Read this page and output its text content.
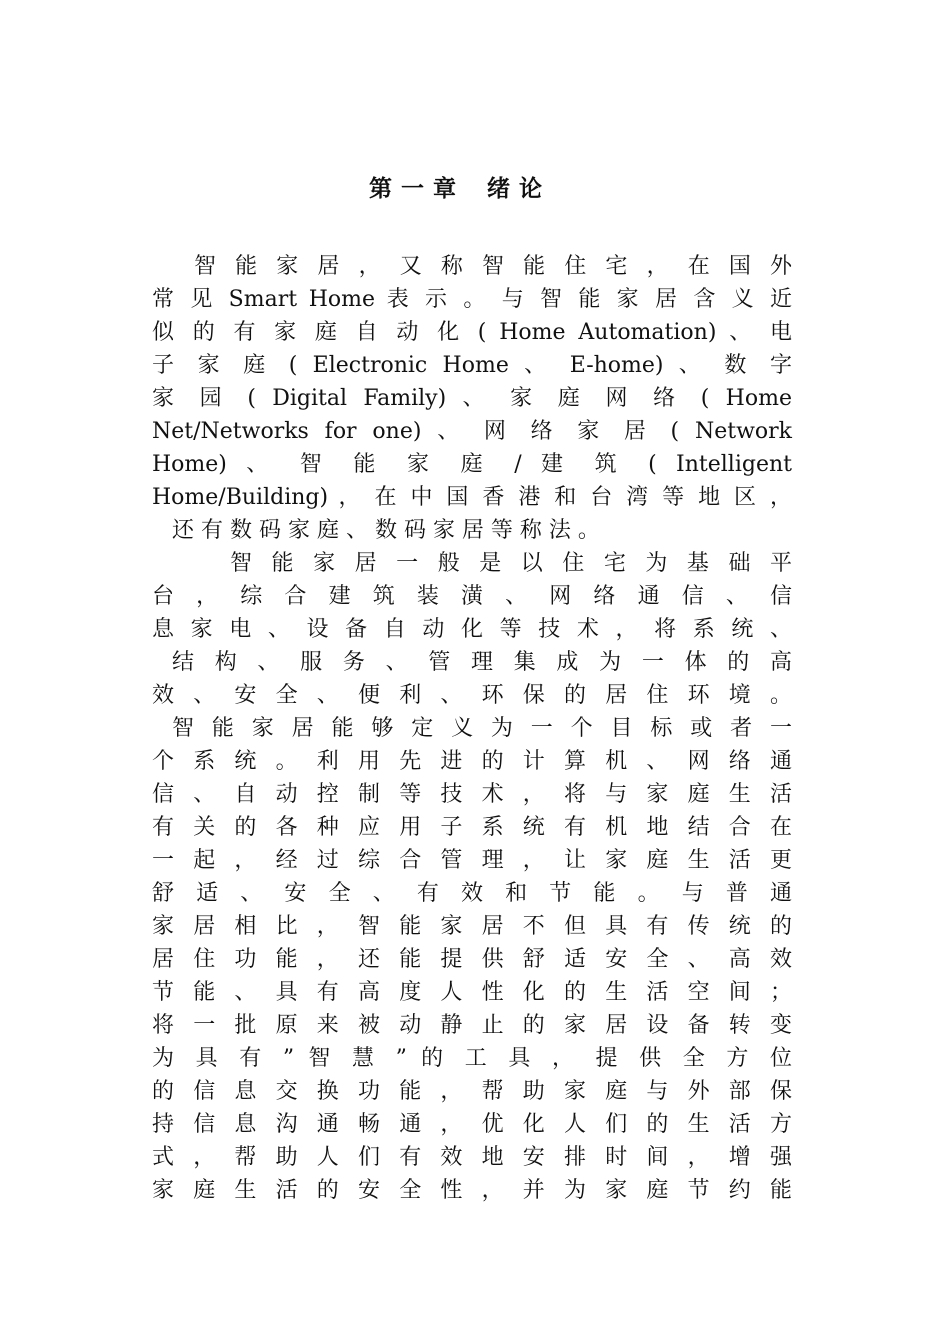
第一章 绪论
智 能 家 居 ， 又 称 智 能 住 宅 ， 在 国 外
常 见 Smart Home 表 示 。 与 智 能 家 居 含 义 近
似 的 有 家 庭 自 动 化 ( Home Automation) 、 电
子 家 庭 ( Electronic Home 、 E-home) 、 数 字
家 园 ( Digital Family) 、 家 庭 网 络 ( Home
Net/Networks for one) 、 网 络 家 居 ( Network
Home) 、 智 能 家 庭 / 建 筑 ( Intelligent
Home/Building) ， 在 中 国 香 港 和 台 湾 等 地 区 ，
还 有 数 码 家 庭 、 数 码 家 居 等 称 法 。
智 能 家 居 一 般 是 以 住 宅 为 基 础 平
台 ， 综 合 建 筑 装 潢 、 网 络 通 信 、 信
息 家 电 、 设 备 自 动 化 等 技 术 ， 将 系 统 、
结 构 、 服 务 、 管 理 集 成 为 一 体 的 高
效 、 安 全 、 便 利 、 环 保 的 居 住 环 境 。
智 能 家 居 能 够 定 义 为 一 个 目 标 或 者 一
个 系 统 。 利 用 先 进 的 计 算 机 、 网 络 通
信 、 自 动 控 制 等 技 术 ， 将 与 家 庭 生 活
有 关 的 各 种 应 用 子 系 统 有 机 地 结 合 在
一 起 ， 经 过 综 合 管 理 ， 让 家 庭 生 活 更
舒 适 、 安 全 、 有 效 和 节 能 。 与 普 通
家 居 相 比 ， 智 能 家 居 不 但 具 有 传 统 的
居 住 功 能 ， 还 能 提 供 舒 适 安 全 、 高 效
节 能 、 具 有 高 度 人 性 化 的 生 活 空 间 ；
将 一 批 原 来 被 动 静 止 的 家 居 设 备 转 变
为 具 有 ” 智 慧 ” 的 工 具 ， 提 供 全 方 位
的 信 息 交 换 功 能 ， 帮 助 家 庭 与 外 部 保
持 信 息 沟 通 畅 通 ， 优 化 人 们 的 生 活 方
式 ， 帮 助 人 们 有 效 地 安 排 时 间 ， 增 强
家 庭 生 活 的 安 全 性 ， 并 为 家 庭 节 约 能
